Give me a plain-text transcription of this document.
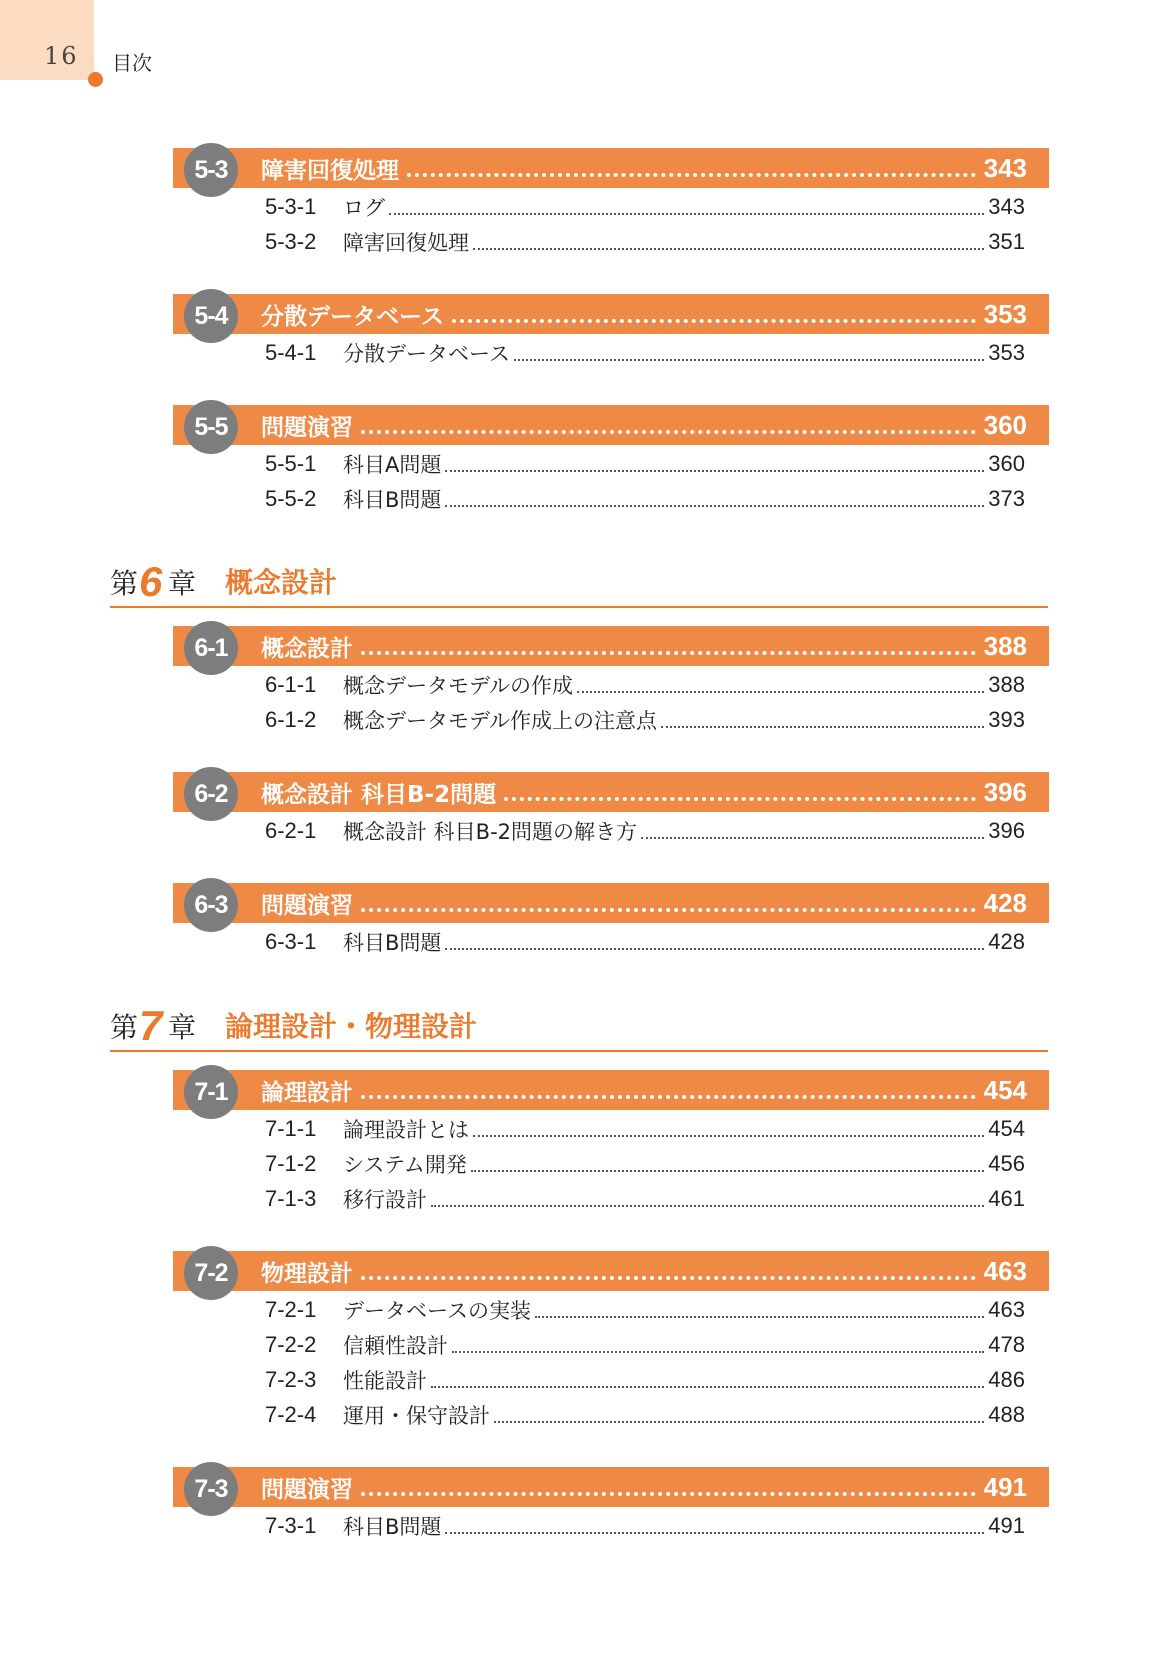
16 目次
5-3	障害回復処理	343
5-3-1	ログ	343
5-3-2	障害回復処理	351
5-4	分散データベース	353
5-4-1	分散データベース	353
5-5	問題演習	360
5-5-1	科目A問題	360
5-5-2	科目B問題	373
第 6 章 概念設計
6-1	概念設計	388
6-1-1	概念データモデルの作成	388
6-1-2	概念データモデル作成上の注意点	393
6-2	概念設計 科目B-2問題	396
6-2-1	概念設計 科目B-2問題の解き方	396
6-3	問題演習	428
6-3-1	科目B問題	428
第 7 章 論理設計・物理設計
7-1	論理設計	454
7-1-1	論理設計とは	454
7-1-2	システム開発	456
7-1-3	移行設計	461
7-2	物理設計	463
7-2-1	データベースの実装	463
7-2-2	信頼性設計	478
7-2-3	性能設計	486
7-2-4	運用・保守設計	488
7-3	問題演習	491
7-3-1	科目B問題	491
